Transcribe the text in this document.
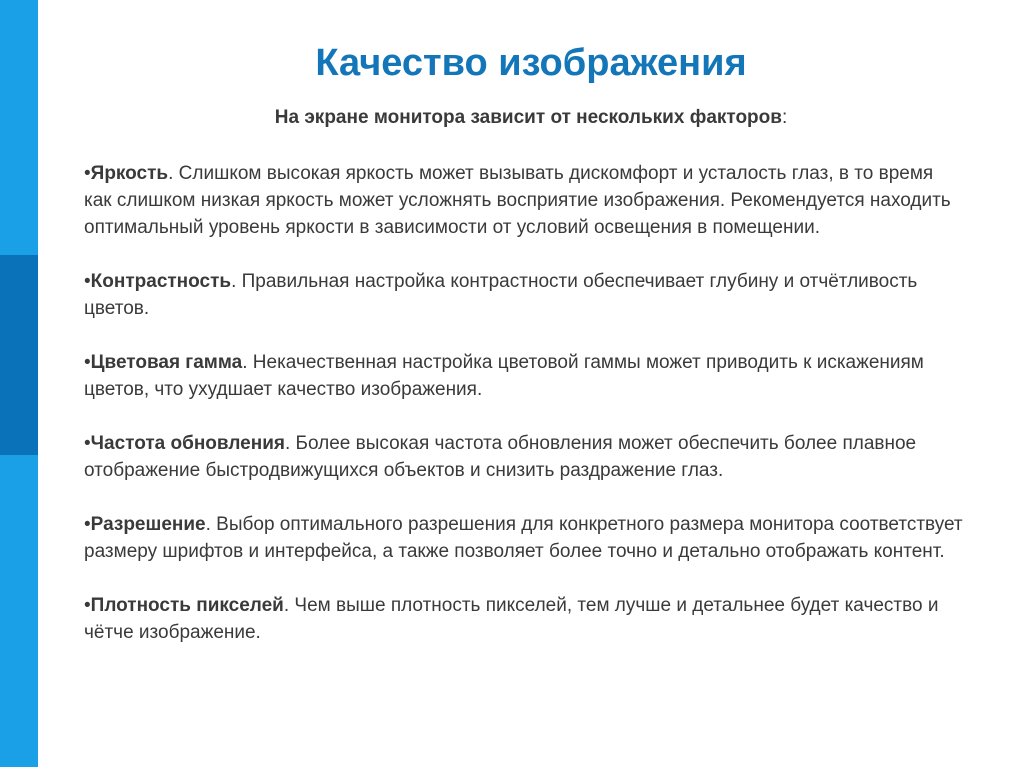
Качество изображения

На экране монитора зависит от нескольких факторов:

•Яркость. Слишком высокая яркость может вызывать дискомфорт и усталость глаз, в то время как слишком низкая яркость может усложнять восприятие изображения. Рекомендуется находить оптимальный уровень яркости в зависимости от условий освещения в помещении.

•Контрастность. Правильная настройка контрастности обеспечивает глубину и отчётливость цветов.

•Цветовая гамма. Некачественная настройка цветовой гаммы может приводить к искажениям цветов, что ухудшает качество изображения.

•Частота обновления. Более высокая частота обновления может обеспечить более плавное отображение быстродвижущихся объектов и снизить раздражение глаз.

•Разрешение. Выбор оптимального разрешения для конкретного размера монитора соответствует размеру шрифтов и интерфейса, а также позволяет более точно и детально отображать контент.

•Плотность пикселей. Чем выше плотность пикселей, тем лучше и детальнее будет качество и чётче изображение.
